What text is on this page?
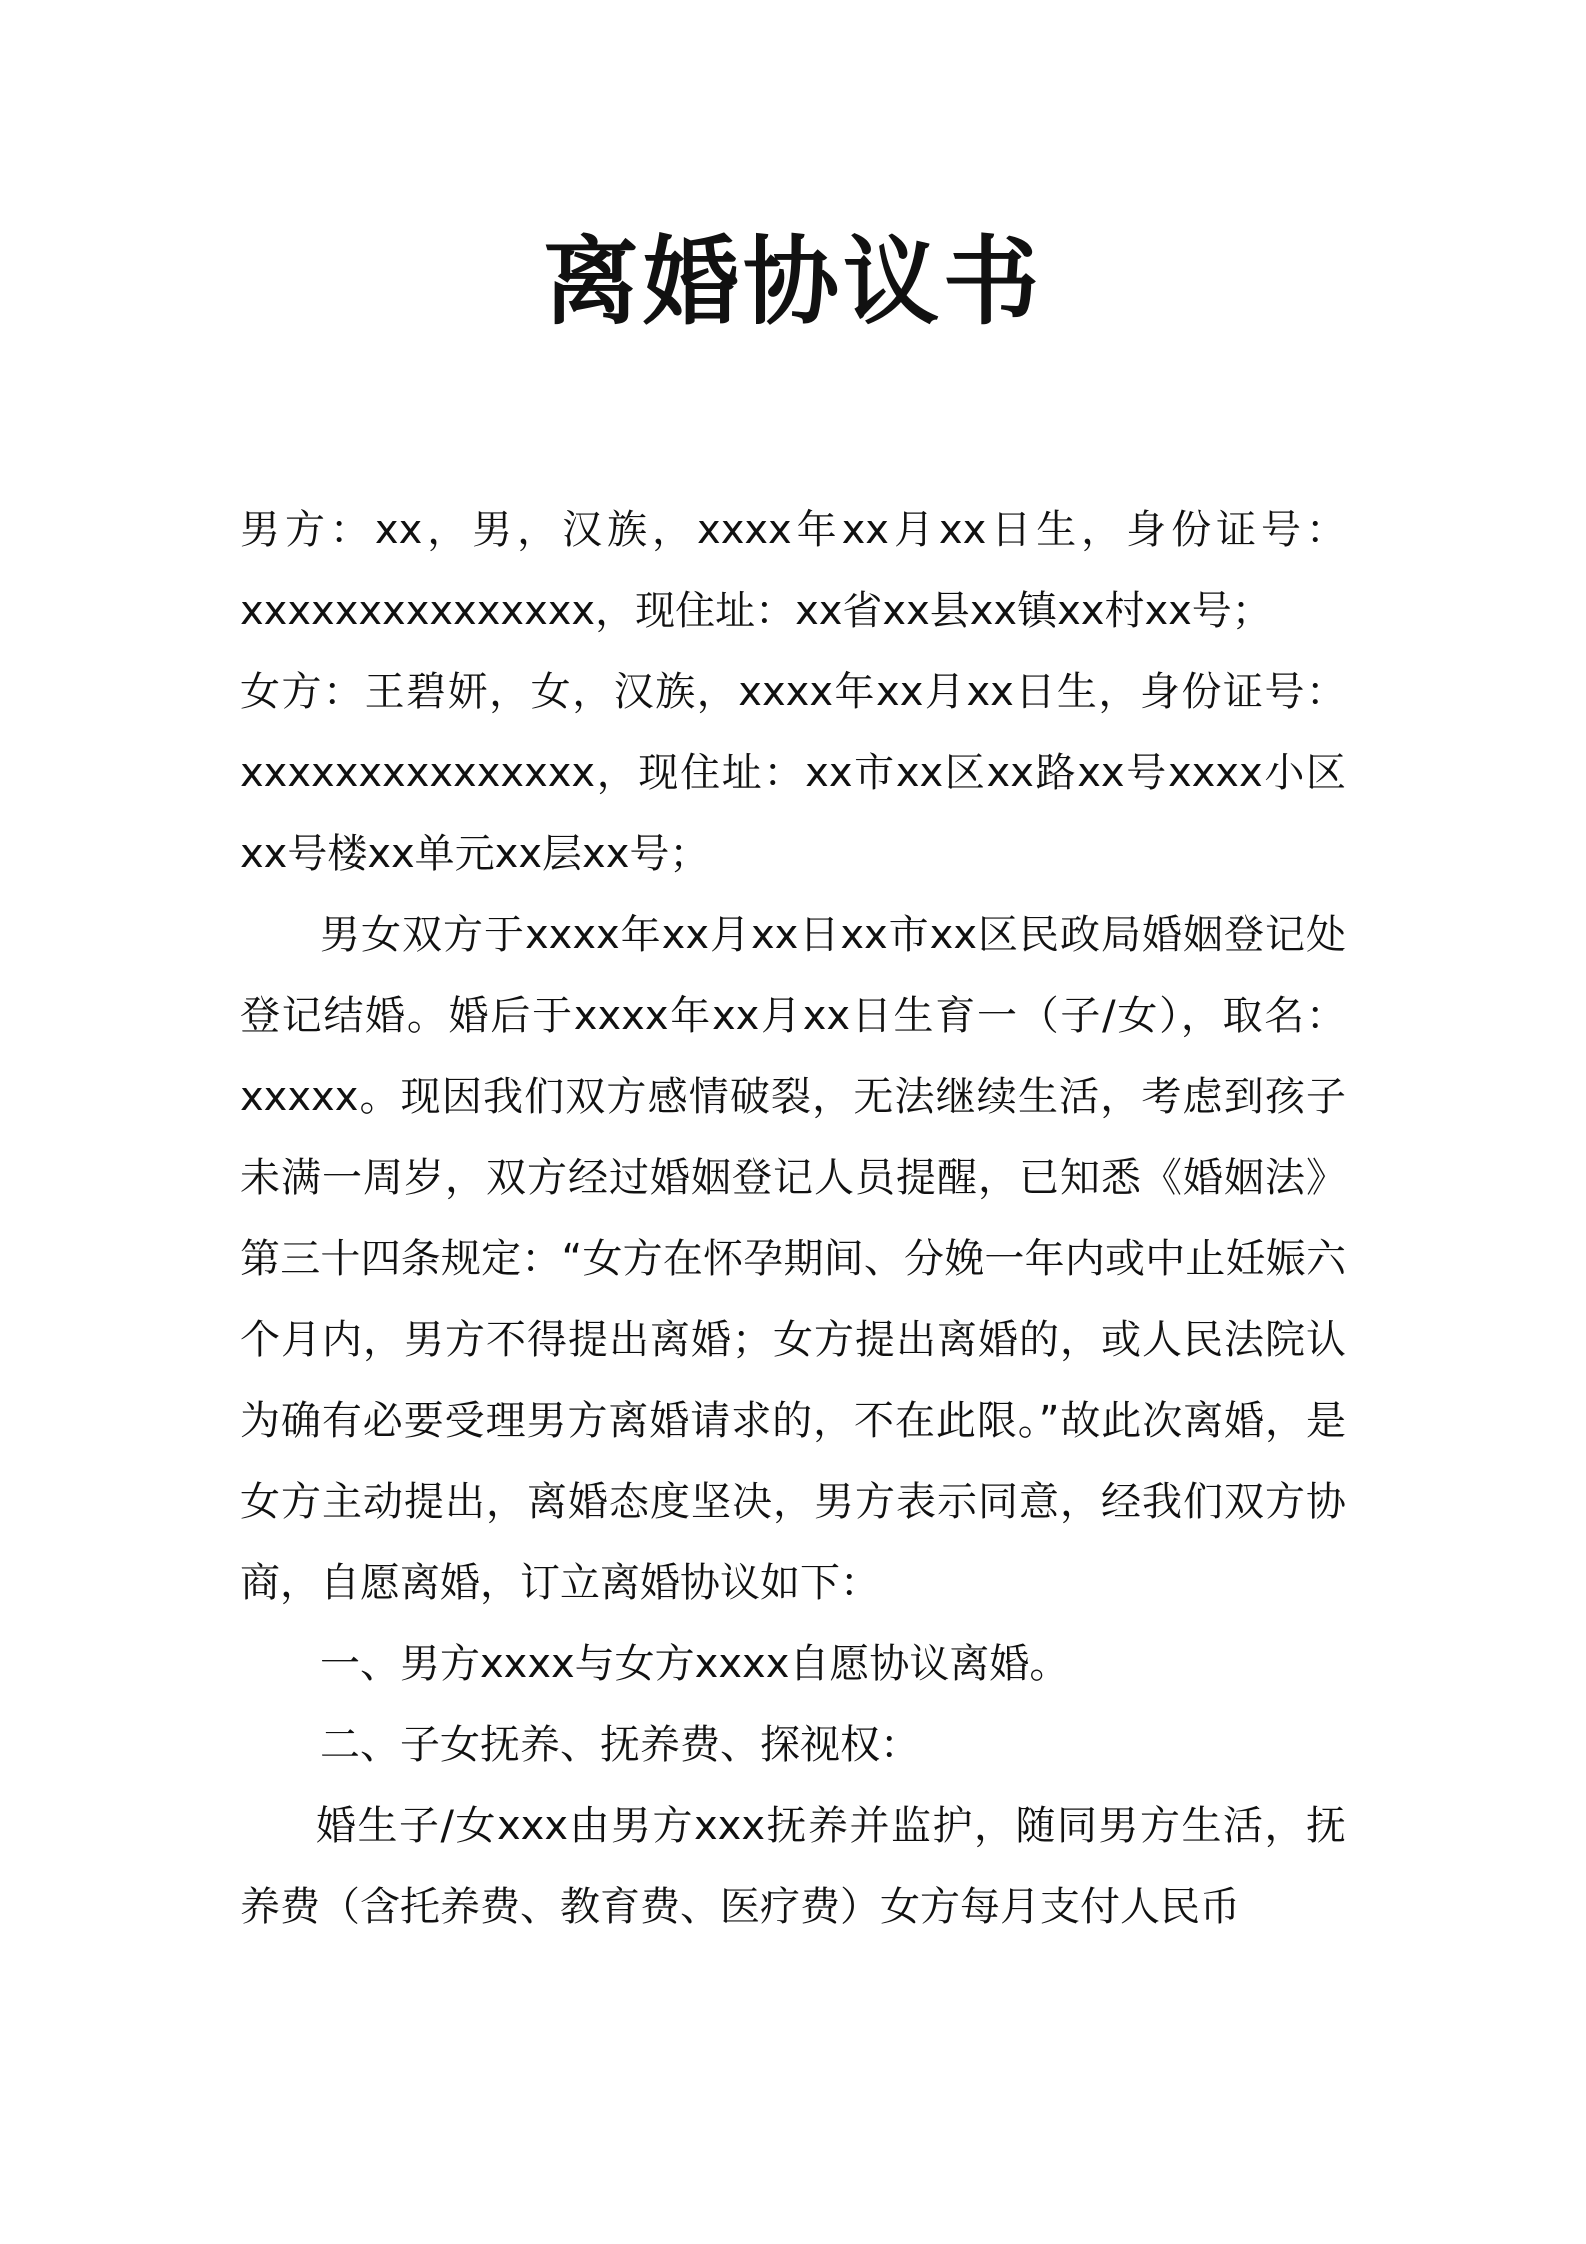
离婚协议书

男方：xx，男，汉族，xxxx年xx月xx日生，身份证号：xxxxxxxxxxxxxxx，现住址：xx省xx县xx镇xx村xx号；

女方：王碧妍，女，汉族，xxxx年xx月xx日生，身份证号：xxxxxxxxxxxxxxx，现住址：xx市xx区xx路xx号xxxx小区xx号楼xx单元xx层xx号；

男女双方于xxxx年xx月xx日xx市xx区民政局婚姻登记处登记结婚。婚后于xxxx年xx月xx日生育一（子/女），取名：xxxxx。现因我们双方感情破裂，无法继续生活，考虑到孩子未满一周岁，双方经过婚姻登记人员提醒，已知悉《婚姻法》第三十四条规定：“女方在怀孕期间、分娩一年内或中止妊娠六个月内，男方不得提出离婚；女方提出离婚的，或人民法院认为确有必要受理男方离婚请求的，不在此限。”故此次离婚，是女方主动提出，离婚态度坚决，男方表示同意，经我们双方协商，自愿离婚，订立离婚协议如下：

一、男方xxxx与女方xxxx自愿协议离婚。

二、子女抚养、抚养费、探视权：

婚生子/女xxx由男方xxx抚养并监护，随同男方生活，抚养费（含托养费、教育费、医疗费）女方每月支付人民币
